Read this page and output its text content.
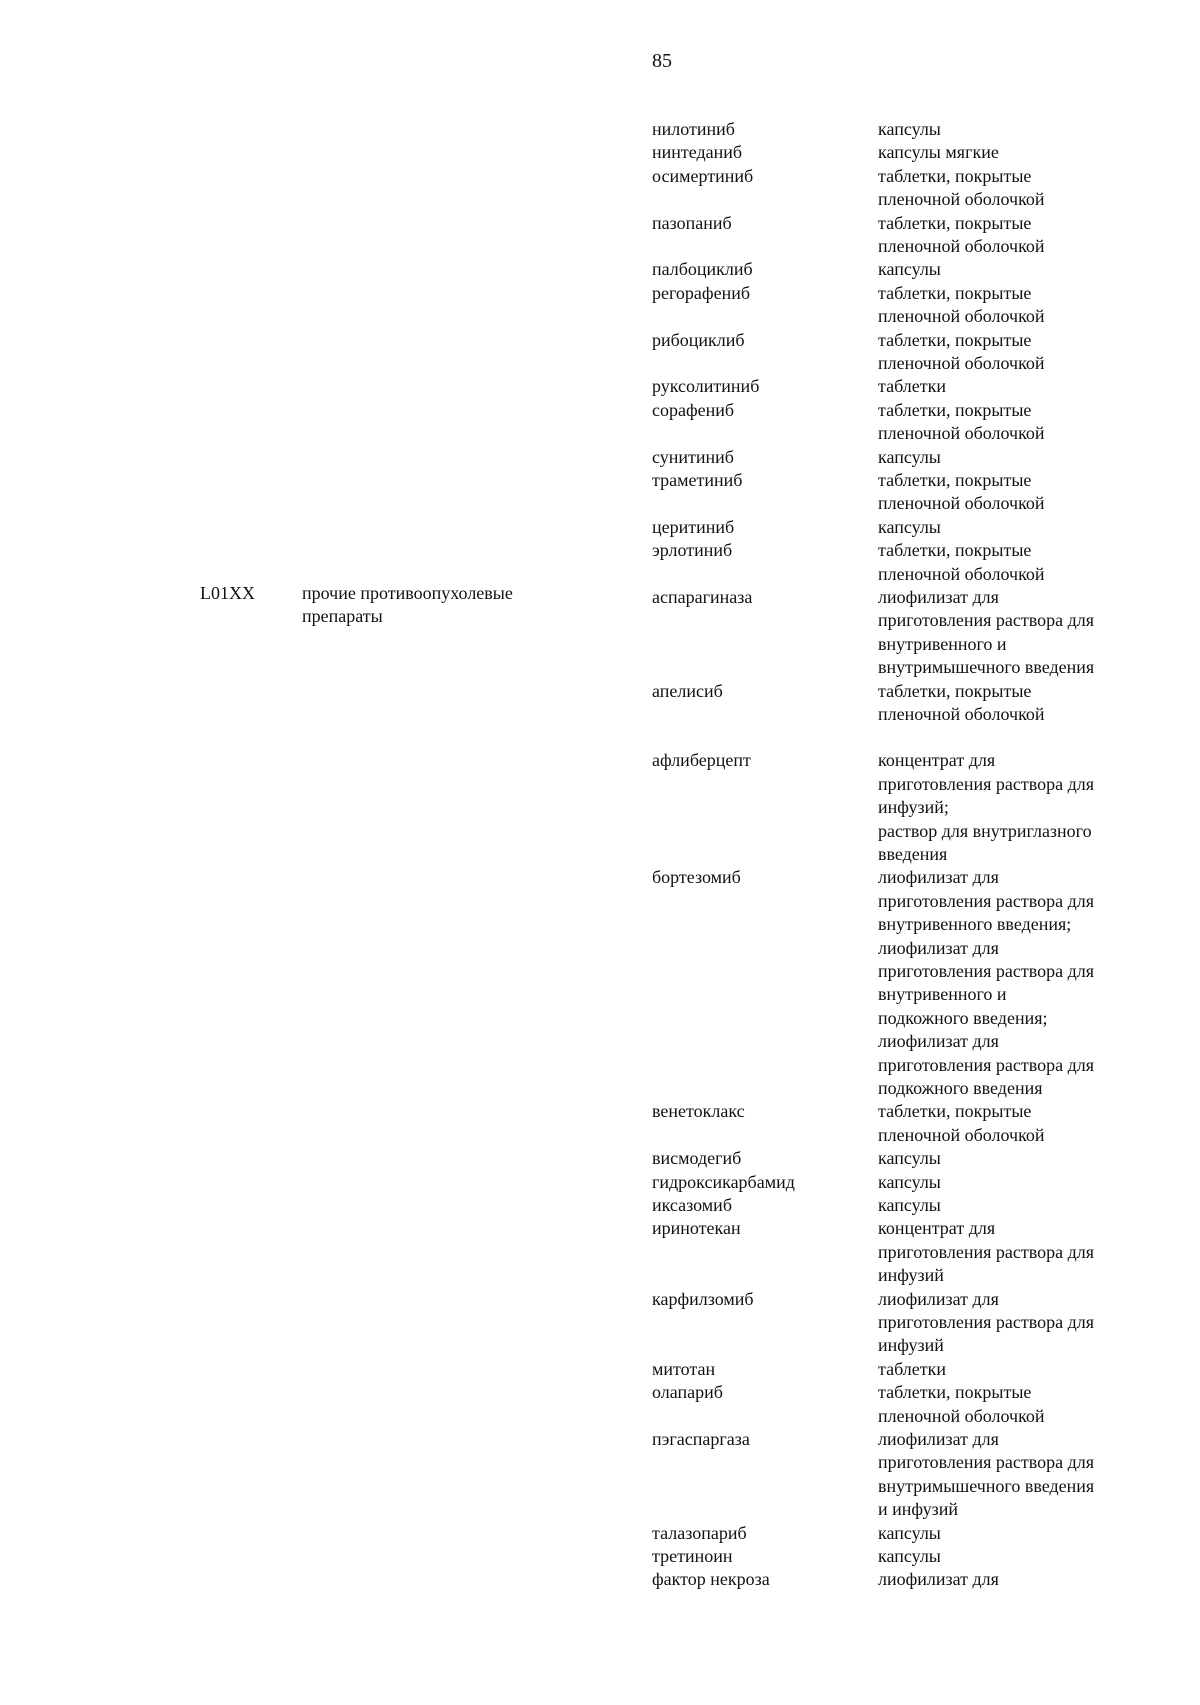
85
L01XX	прочие противоопухолевые препараты
нилотиниб	капсулы
нинтеданиб	капсулы мягкие
осимертиниб	таблетки, покрытые
пленочной оболочкой
пазопаниб	таблетки, покрытые
пленочной оболочкой
палбоциклиб	капсулы
регорафениб	таблетки, покрытые
пленочной оболочкой
рибоциклиб	таблетки, покрытые
пленочной оболочкой
руксолитиниб	таблетки
сорафениб	таблетки, покрытые
пленочной оболочкой
сунитиниб	капсулы
траметиниб	таблетки, покрытые
пленочной оболочкой
церитиниб	капсулы
эрлотиниб	таблетки, покрытые
пленочной оболочкой
аспарагиназа	лиофилизат для
приготовления раствора для
внутривенного и
внутримышечного введения
апелисиб	таблетки, покрытые
пленочной оболочкой
афлиберцепт	концентрат для
приготовления раствора для
инфузий;
раствор для внутриглазного
введения
бортезомиб	лиофилизат для
приготовления раствора для
внутривенного введения;
лиофилизат для
приготовления раствора для
внутривенного и
подкожного введения;
лиофилизат для
приготовления раствора для
подкожного введения
венетоклакс	таблетки, покрытые
пленочной оболочкой
висмодегиб	капсулы
гидроксикарбамид	капсулы
иксазомиб	капсулы
иринотекан	концентрат для
приготовления раствора для
инфузий
карфилзомиб	лиофилизат для
приготовления раствора для
инфузий
митотан	таблетки
олапариб	таблетки, покрытые
пленочной оболочкой
пэгаспаргаза	лиофилизат для
приготовления раствора для
внутримышечного введения
и инфузий
талазопариб	капсулы
третиноин	капсулы
фактор некроза	лиофилизат для
